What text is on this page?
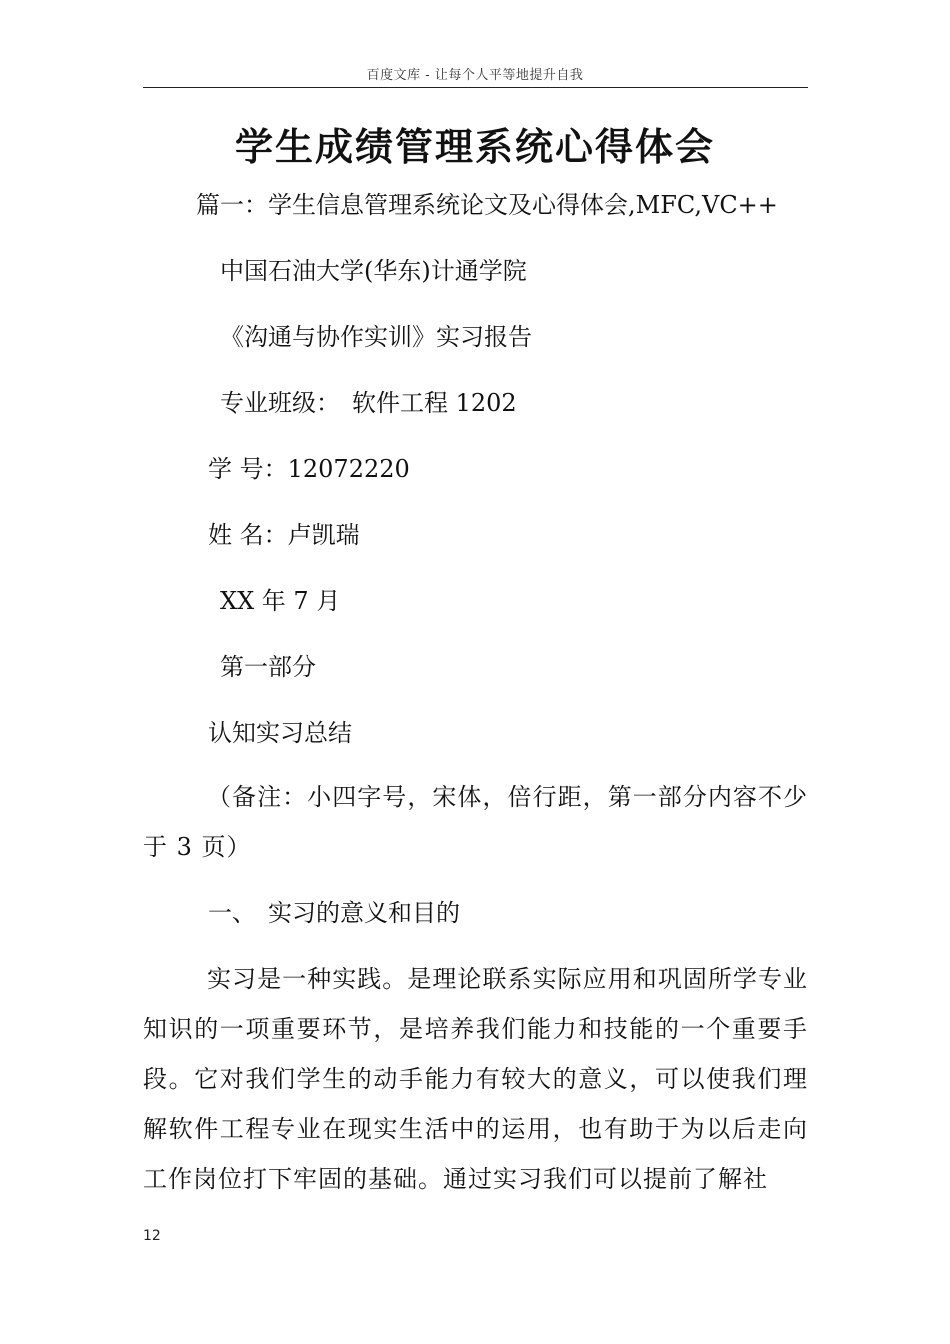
百度文库 - 让每个人平等地提升自我
学生成绩管理系统心得体会
篇一：学生信息管理系统论文及心得体会,MFC,VC++
中国石油大学(华东)计通学院
《沟通与协作实训》实习报告
专业班级：　软件工程 1202
学 号：12072220
姓 名：卢凯瑞
XX 年 7 月
第一部分
认知实习总结
（备注：小四字号，宋体，倍行距，第一部分内容不少于 3 页）
一、　实习的意义和目的
实习是一种实践。是理论联系实际应用和巩固所学专业知识的一项重要环节，是培养我们能力和技能的一个重要手段。它对我们学生的动手能力有较大的意义，可以使我们理解软件工程专业在现实生活中的运用，也有助于为以后走向工作岗位打下牢固的基础。通过实习我们可以提前了解社
12
